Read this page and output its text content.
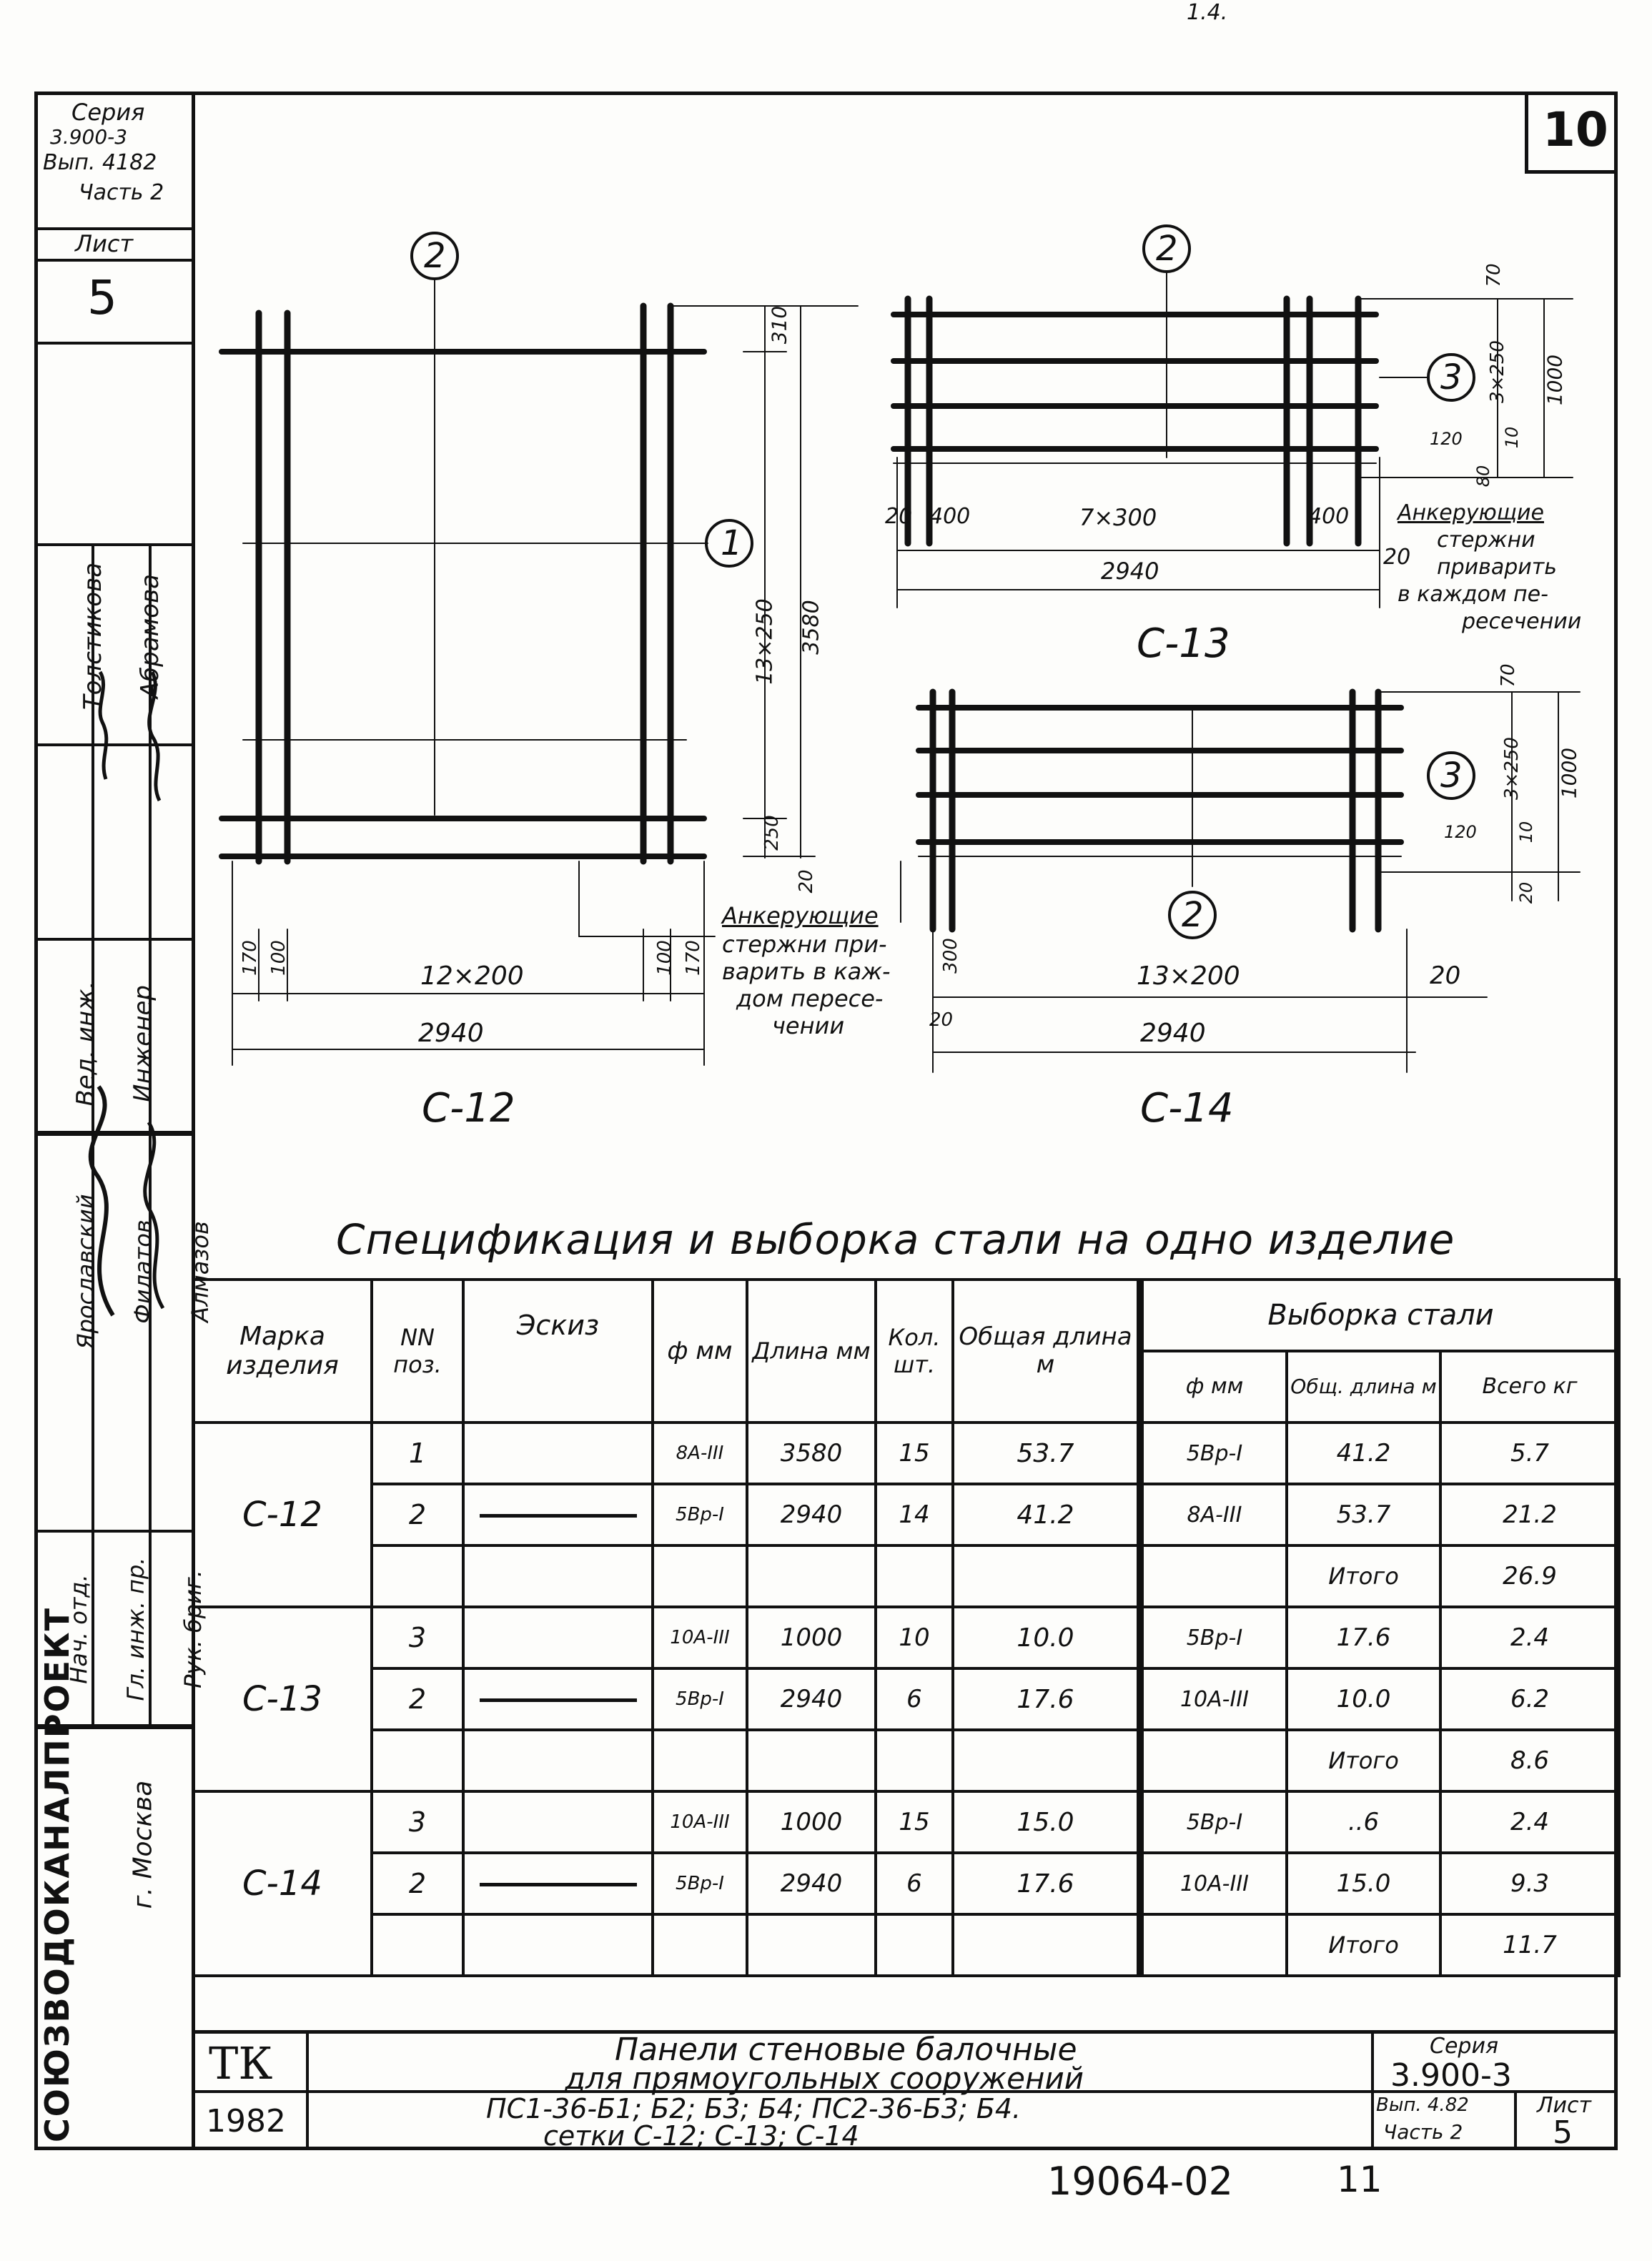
1.4.
10
Серия
3.900-3
Вып. 4182
Часть 2
Лист
5
Толстикова Абрамова
Вед. инж. Инженер
Ярославский Филатов Алмазов
Нач. отд. Гл. инж. пр. Рук. бриг.
СОЮЗВОДОКАНАЛПРОЕКТ г. Москва
2
1
310
13×250 3580
250
20
170 100
12×200
100 170
2940
С-12
2
3
70
3×250 1000
120 10
80
20 400	7×300	400
20
2940
С-13
Анкерующие
стержни
приварить
в каждом пе-
ресечении
2
3
70
3×250 1000
120 10
20
300
20
13×200	20
2940
С-14
Анкерующие
стержни при-
варить в каж-
дом пересе-
чении
Спецификация и выборка стали на одно изделие
Марка изделия	NN поз.	Эскиз	ф мм	Длина мм	Кол. шт.	Общая длина м	Выборка стали		
							ф мм	Общ. длина м	Всего кг
С-12	1		8А-III	3580	15	53.7	5Вр-I	41.2	5.7
	2		5Вр-I	2940	14	41.2	8А-III	53.7	21.2
								Итого	26.9
С-13	3		10А-III	1000	10	10.0	5Вр-I	17.6	2.4
	2		5Вр-I	2940	6	17.6	10А-III	10.0	6.2
								Итого	8.6
С-14	3		10А-III	1000	15	15.0	5Вр-I	..6	2.4
	2		5Вр-I	2940	6	17.6	10А-III	15.0	9.3
								Итого	11.7
ТК
1982
Панели стеновые балочные
для прямоугольных сооружений
ПС1-36-Б1; Б2; Б3; Б4; ПС2-36-Б3; Б4.
сетки С-12; С-13; С-14
Серия
3.900-3
Вып. 4.82
Часть 2
Лист
5
19064-02	11
